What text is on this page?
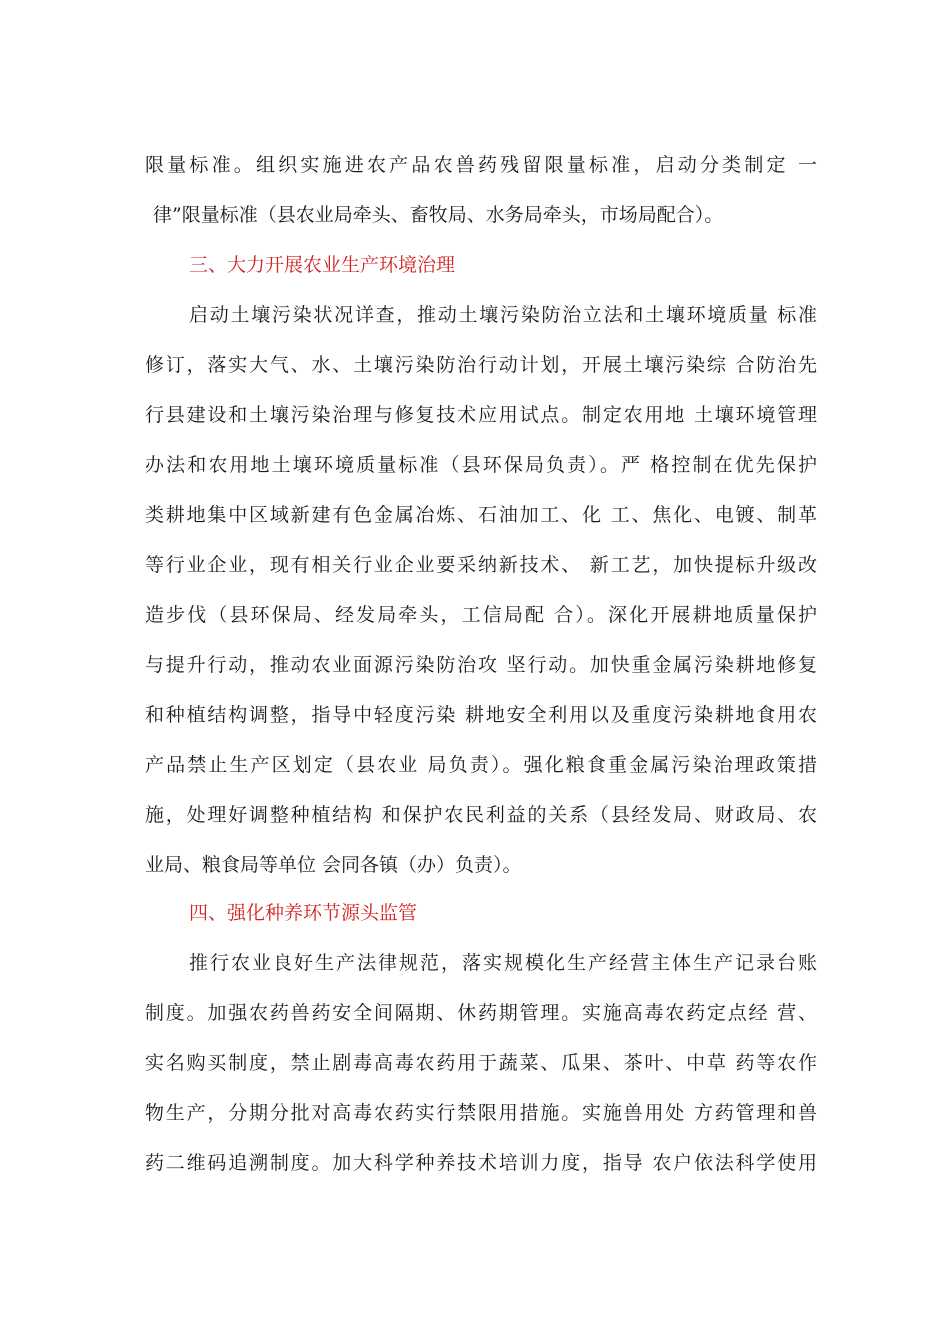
限量标准。组织实施进农产品农兽药残留限量标准，启动分类制定 一
律”限量标准（县农业局牵头、畜牧局、水务局牵头，市场局配合）。
三、大力开展农业生产环境治理
启动土壤污染状况详查，推动土壤污染防治立法和土壤环境质量 标准
修订，落实大气、水、土壤污染防治行动计划，开展土壤污染综 合防治先
行县建设和土壤污染治理与修复技术应用试点。制定农用地 土壤环境管理
办法和农用地土壤环境质量标准（县环保局负责）。严 格控制在优先保护
类耕地集中区域新建有色金属冶炼、石油加工、化 工、焦化、电镀、制革
等行业企业，现有相关行业企业要采纳新技术、 新工艺，加快提标升级改
造步伐（县环保局、经发局牵头，工信局配 合）。深化开展耕地质量保护
与提升行动，推动农业面源污染防治攻 坚行动。加快重金属污染耕地修复
和种植结构调整，指导中轻度污染 耕地安全利用以及重度污染耕地食用农
产品禁止生产区划定（县农业 局负责）。强化粮食重金属污染治理政策措
施，处理好调整种植结构 和保护农民利益的关系（县经发局、财政局、农
业局、粮食局等单位 会同各镇（办）负责）。
四、强化种养环节源头监管
推行农业良好生产法律规范，落实规模化生产经营主体生产记录台账
制度。加强农药兽药安全间隔期、休药期管理。实施高毒农药定点经 营、
实名购买制度，禁止剧毒高毒农药用于蔬菜、瓜果、茶叶、中草 药等农作
物生产，分期分批对高毒农药实行禁限用措施。实施兽用处 方药管理和兽
药二维码追溯制度。加大科学种养技术培训力度，指导 农户依法科学使用
